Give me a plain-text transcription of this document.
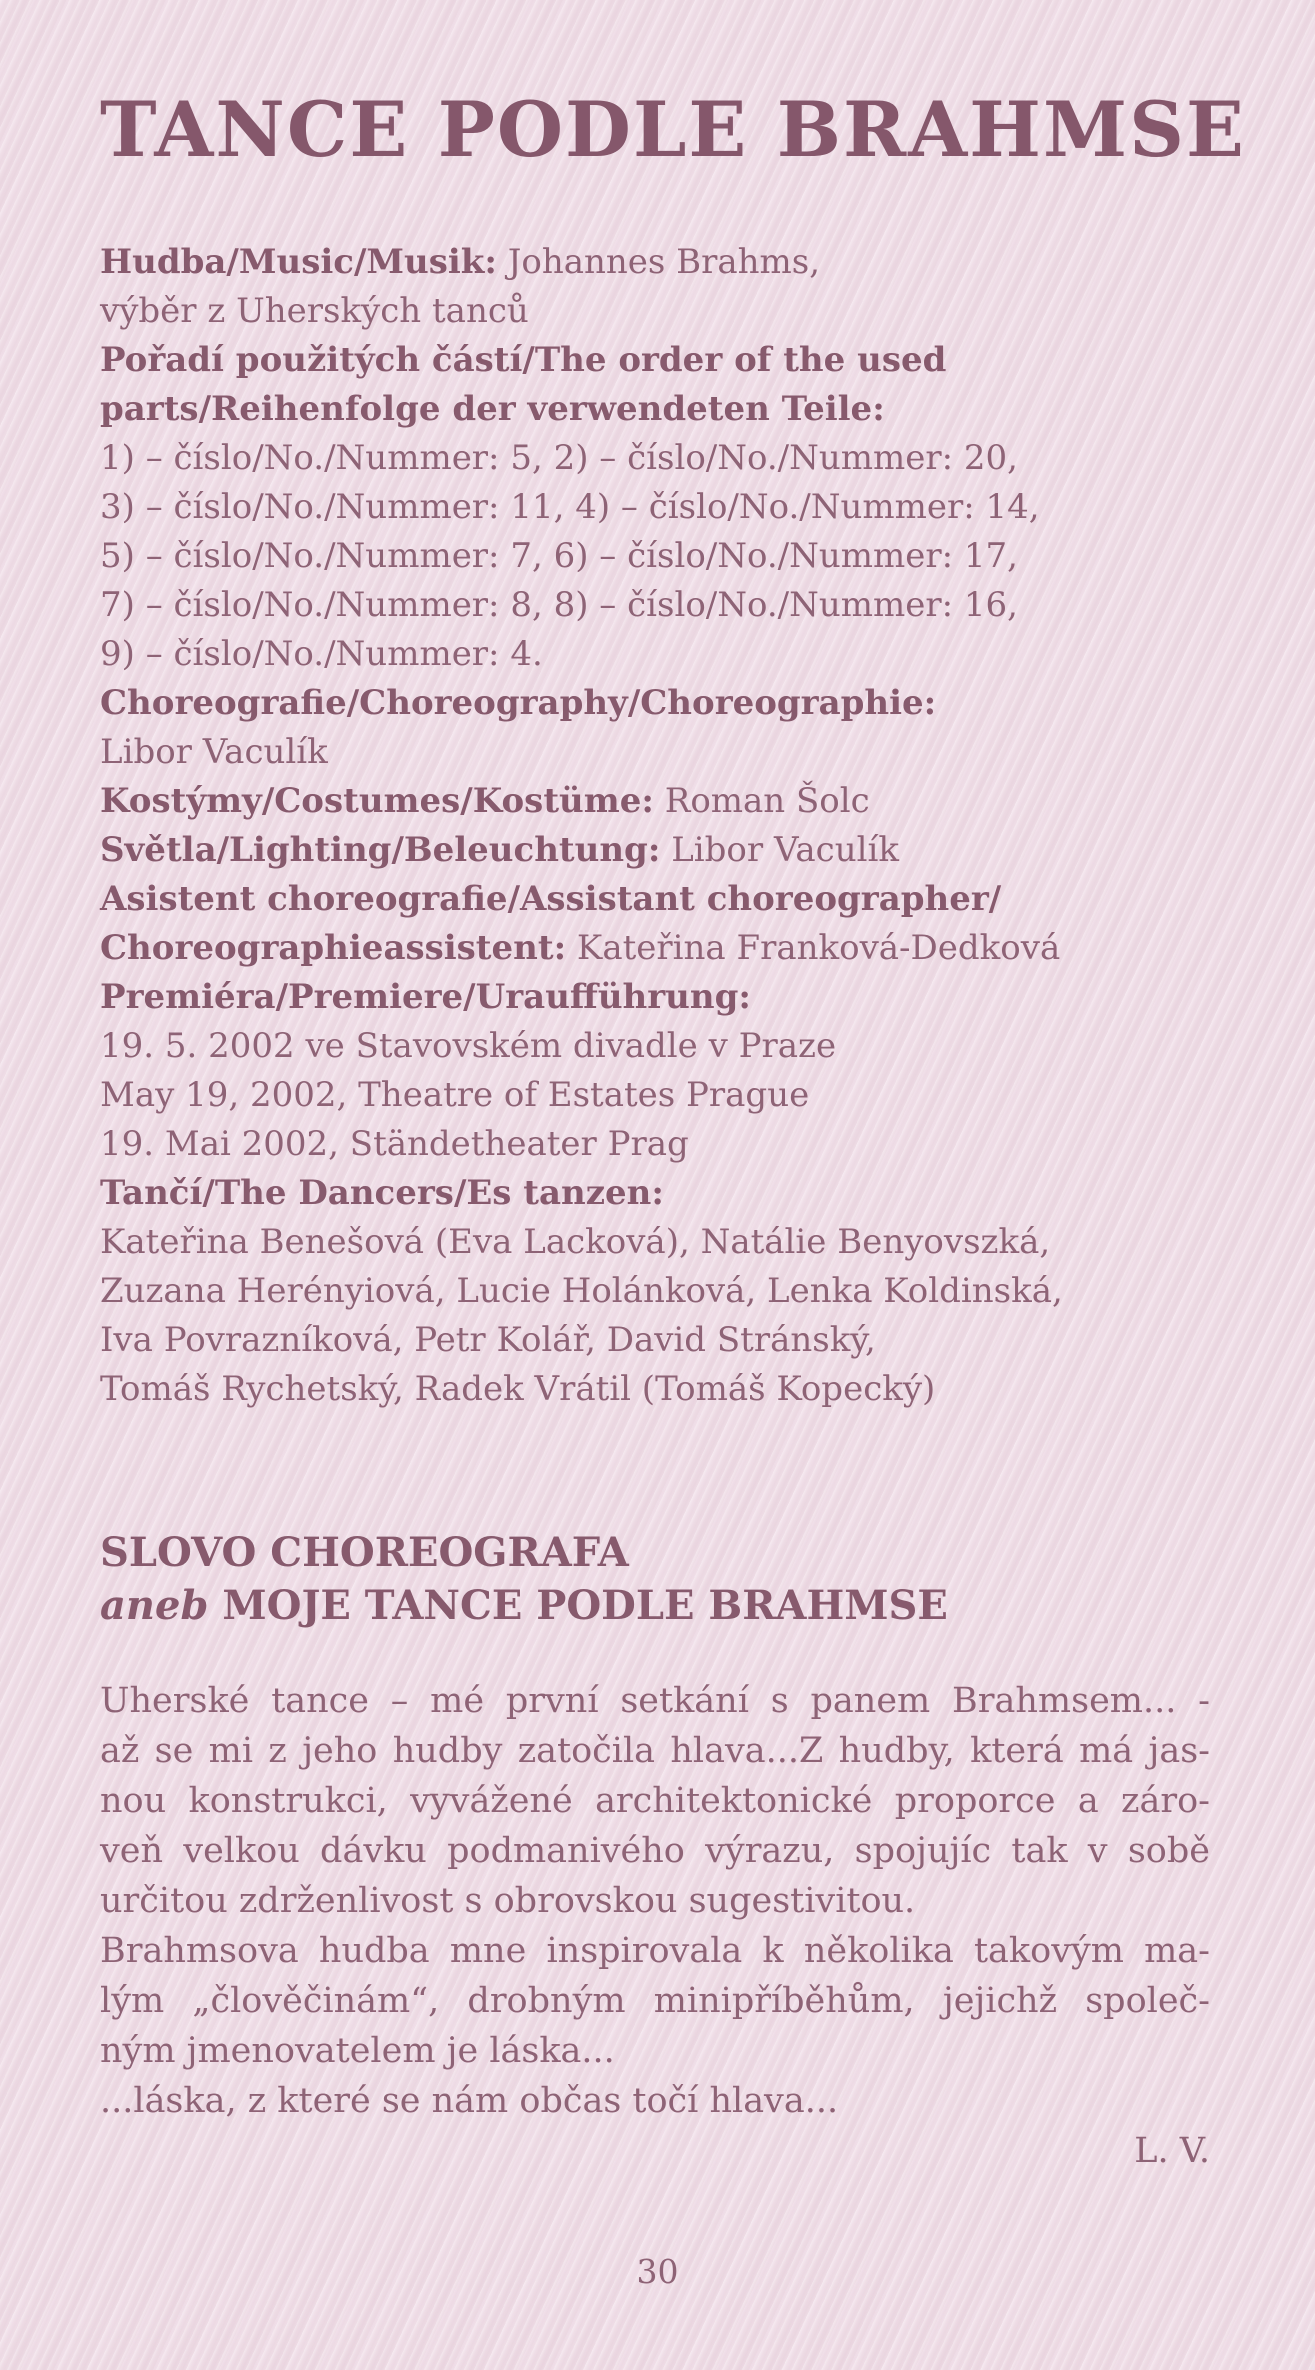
TANCE PODLE BRAHMSE
Hudba/Music/Musik: Johannes Brahms,
výběr z Uherských tanců
Pořadí použitých částí/The order of the used
parts/Reihenfolge der verwendeten Teile:
1) – číslo/No./Nummer: 5, 2) – číslo/No./Nummer: 20,
3) – číslo/No./Nummer: 11, 4) – číslo/No./Nummer: 14,
5) – číslo/No./Nummer: 7, 6) – číslo/No./Nummer: 17,
7) – číslo/No./Nummer: 8, 8) – číslo/No./Nummer: 16,
9) – číslo/No./Nummer: 4.
Choreografie/Choreography/Choreographie:
Libor Vaculík
Kostýmy/Costumes/Kostüme: Roman Šolc
Světla/Lighting/Beleuchtung: Libor Vaculík
Asistent choreografie/Assistant choreographer/
Choreographieassistent: Kateřina Franková-Dedková
Premiéra/Premiere/Uraufführung:
19. 5. 2002 ve Stavovském divadle v Praze
May 19, 2002, Theatre of Estates Prague
19. Mai 2002, Ständetheater Prag
Tančí/The Dancers/Es tanzen:
Kateřina Benešová (Eva Lacková), Natálie Benyovszká,
Zuzana Herényiová, Lucie Holánková, Lenka Koldinská,
Iva Povrazníková, Petr Kolář, David Stránský,
Tomáš Rychetský, Radek Vrátil (Tomáš Kopecký)
SLOVO CHOREOGRAFA
aneb MOJE TANCE PODLE BRAHMSE
Uherské tance – mé první setkání s panem Brahmsem... -
až se mi z jeho hudby zatočila hlava...Z hudby, která má jas-
nou konstrukci, vyvážené architektonické proporce a záro-
veň velkou dávku podmanivého výrazu, spojujíc tak v sobě
určitou zdrženlivost s obrovskou sugestivitou.
Brahmsova hudba mne inspirovala k několika takovým ma-
lým „člověčinám“, drobným minipříběhům, jejichž společ-
ným jmenovatelem je láska...
...láska, z které se nám občas točí hlava...
L. V.
30
